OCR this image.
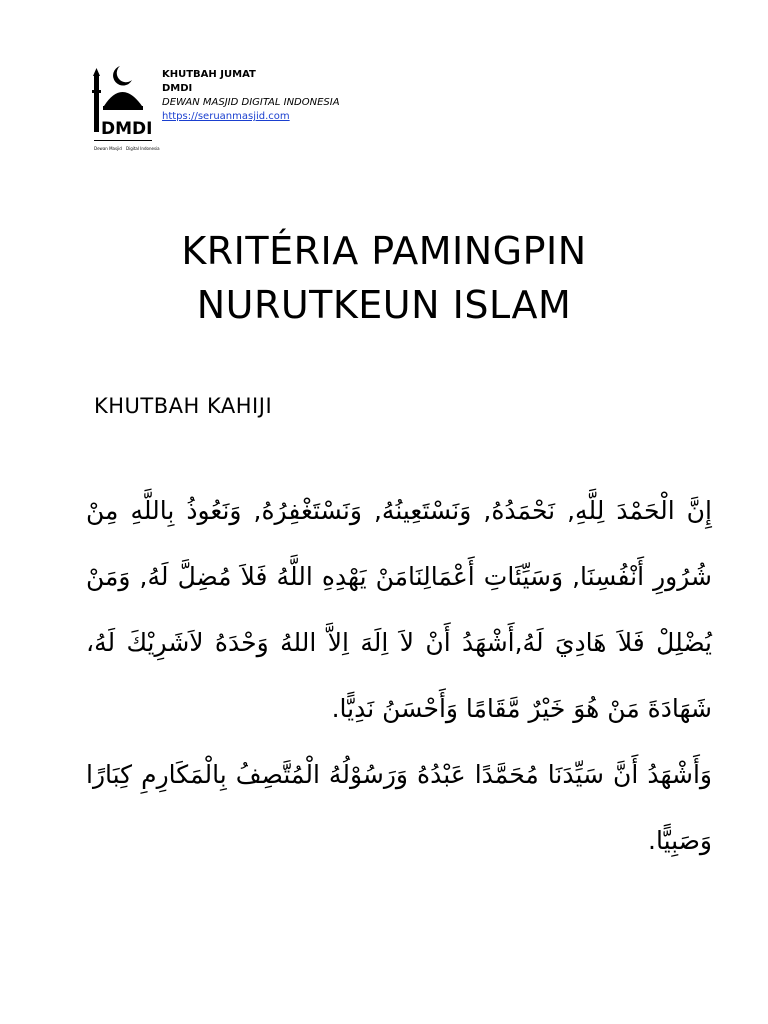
DMDI
Dewan Masjid Digital Indonesia
KHUTBAH JUMAT
DMDI
DEWAN MASJID DIGITAL INDONESIA
https://seruanmasjid.com
KRITÉRIA PAMINGPIN
NURUTKEUN ISLAM
KHUTBAH KAHIJI

إِنَّ الْحَمْدَ لِلَّهِ, نَحْمَدُهُ, وَنَسْتَعِينُهُ, وَنَسْتَغْفِرُهُ, وَنَعُوذُ بِاللَّهِ مِنْ شُرُورِ أَنْفُسِنَا, وَسَيِّئَاتِ أَعْمَالِنَامَنْ يَهْدِهِ اللَّهُ فَلاَ مُضِلَّ لَهُ, وَمَنْ يُضْلِلْ فَلاَ هَادِيَ لَهُ,أَشْهَدُ أَنْ لاَ اِلَهَ اِلاَّ اللهُ وَحْدَهُ لاَشَرِيْكَ لَهُ، شَهَادَةَ مَنْ هُوَ خَيْرٌ مَّقَامًا وَأَحْسَنُ نَدِيًّا.

وَأَشْهَدُ أَنَّ سَيِّدَنَا مُحَمَّدًا عَبْدُهُ وَرَسُوْلُهُ الْمُتَّصِفُ بِالْمَكَارِمِ كِبَارًا وَصَبِيًّا.
